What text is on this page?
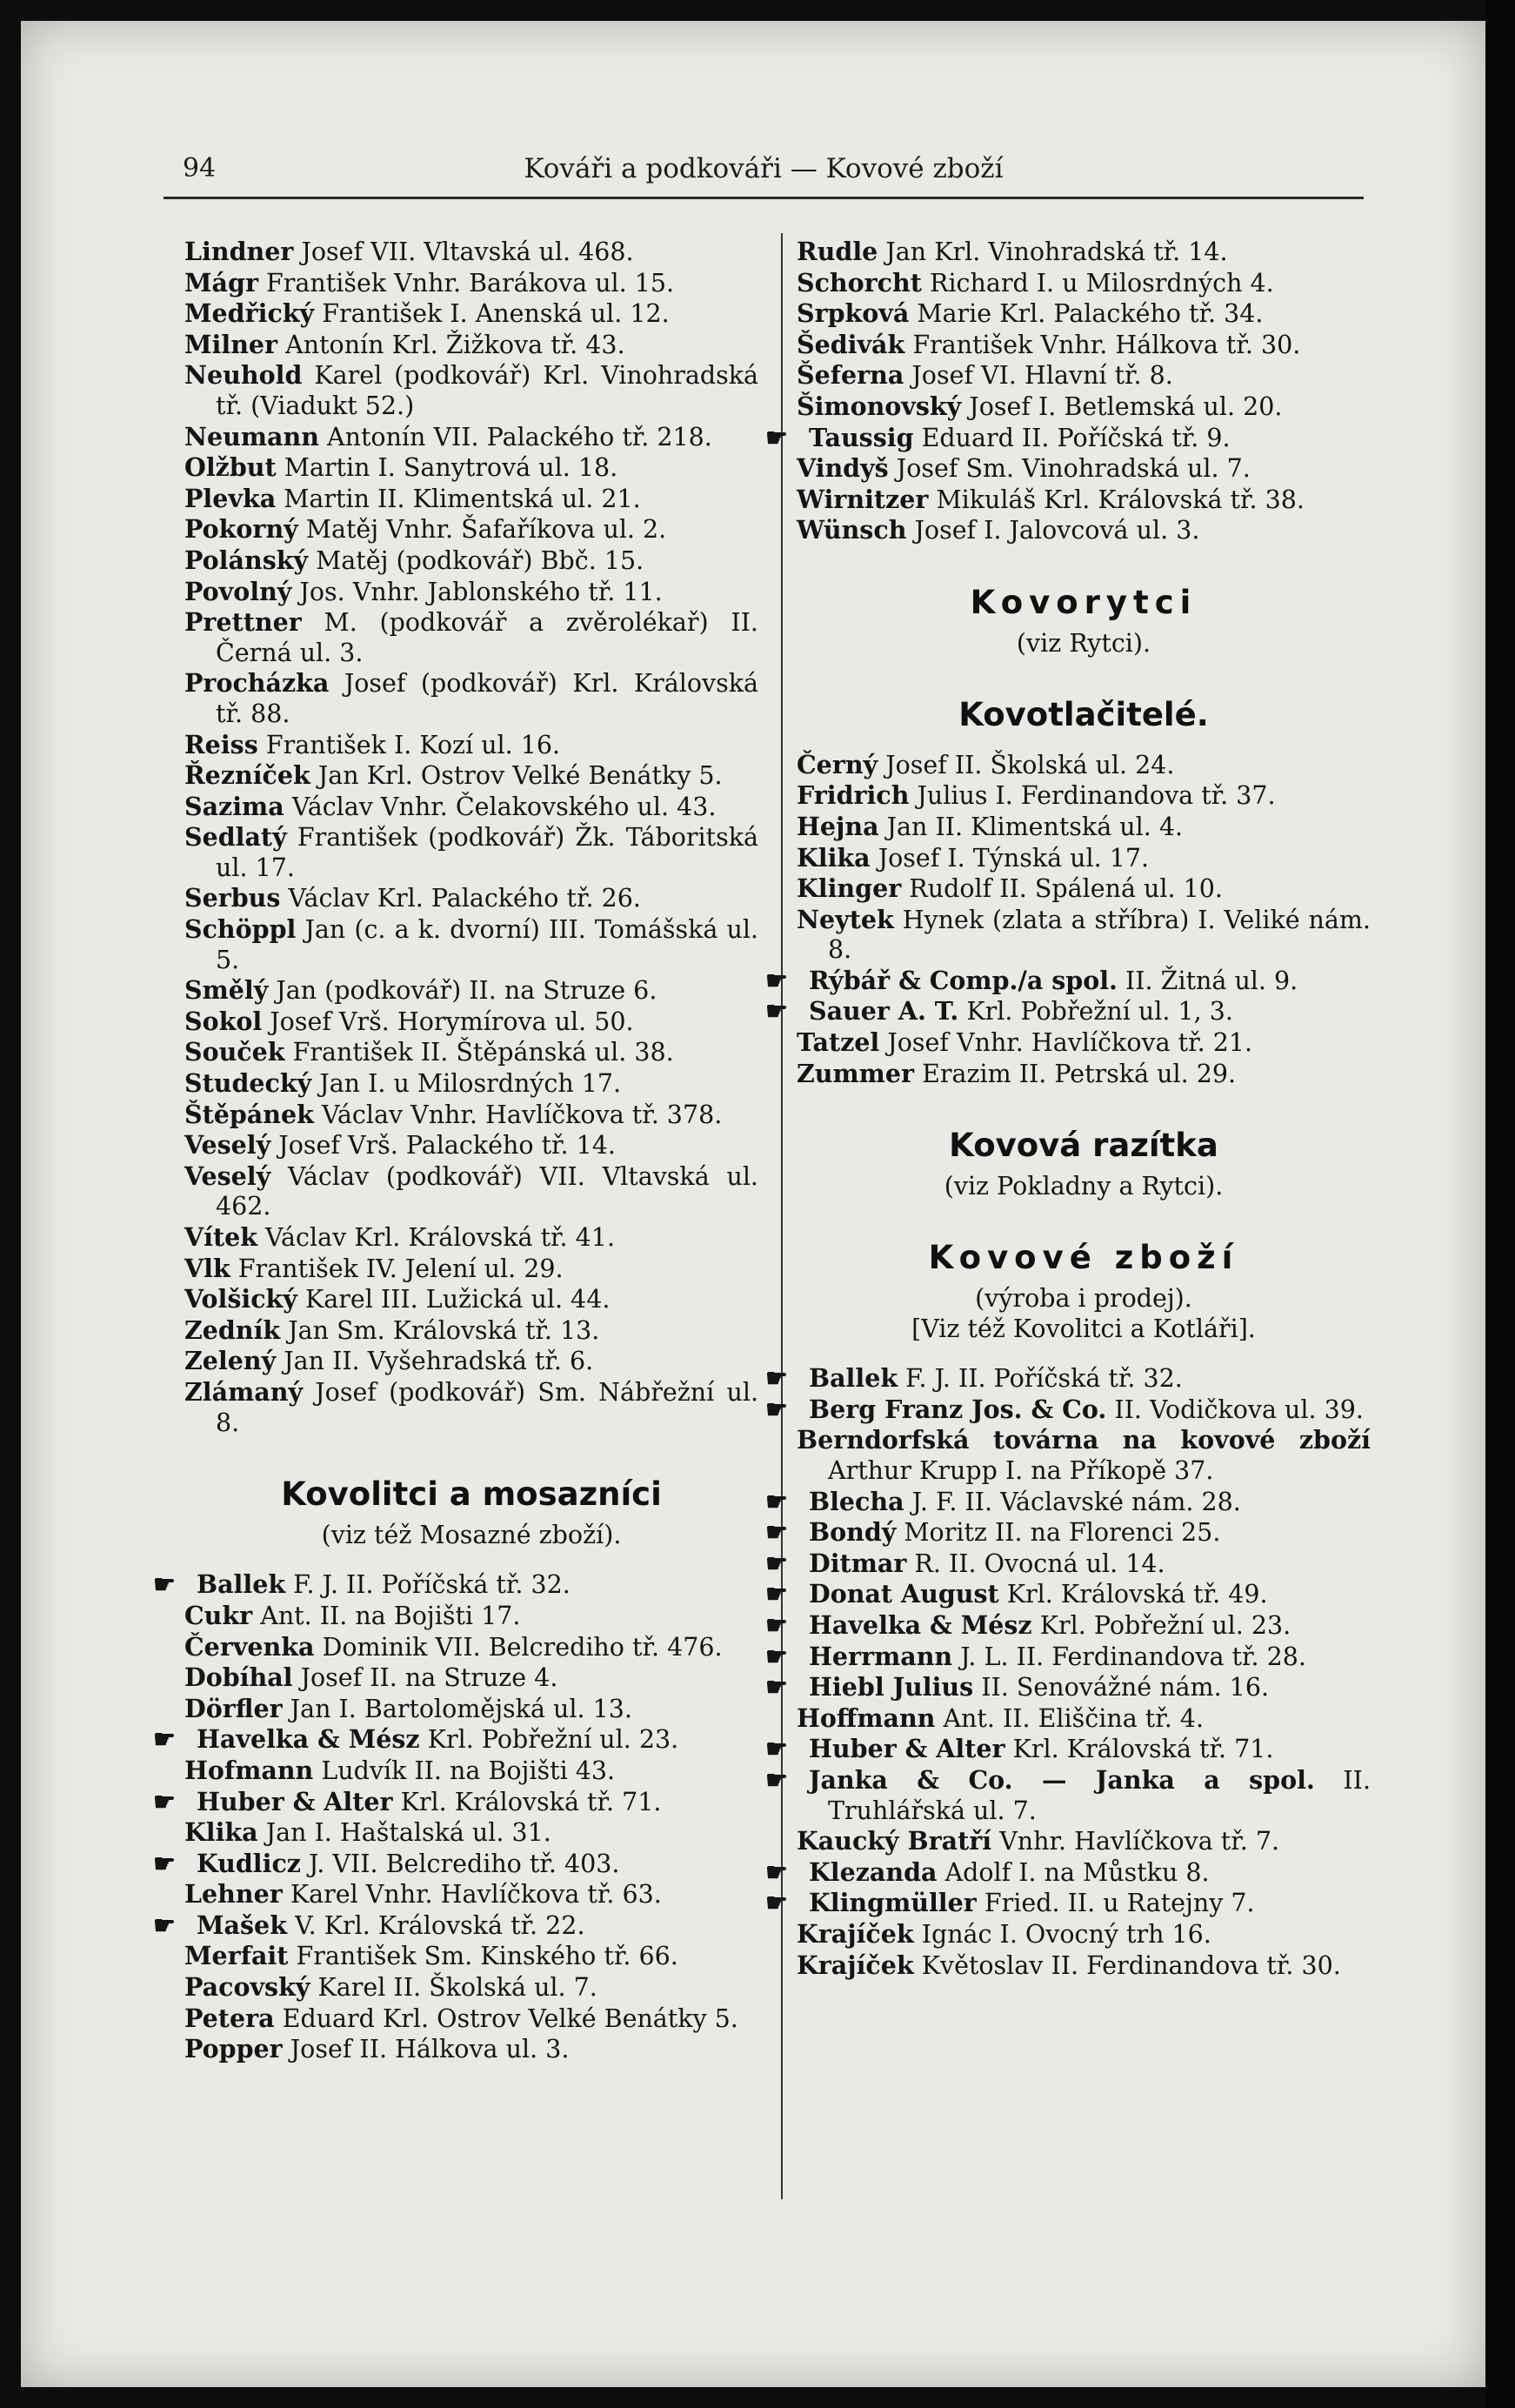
94	Kováři a podkováři — Kovové zboží

Lindner Josef VII. Vltavská ul. 468.

Mágr František Vnhr. Barákova ul. 15.

Medřický František I. Anenská ul. 12.

Milner Antonín Krl. Žižkova tř. 43.

Neuhold Karel (podkovář) Krl. Vinohradská tř. (Viadukt 52.)

Neumann Antonín VII. Palackého tř. 218.

Olžbut Martin I. Sanytrová ul. 18.

Plevka Martin II. Klimentská ul. 21.

Pokorný Matěj Vnhr. Šafaříkova ul. 2.

Polánský Matěj (podkovář) Bbč. 15.

Povolný Jos. Vnhr. Jablonského tř. 11.

Prettner M. (podkovář a zvěrolékař) II. Černá ul. 3.

Procházka Josef (podkovář) Krl. Královská tř. 88.

Reiss František I. Kozí ul. 16.

Řezníček Jan Krl. Ostrov Velké Benátky 5.

Sazima Václav Vnhr. Čelakovského ul. 43.

Sedlatý František (podkovář) Žk. Táboritská ul. 17.

Serbus Václav Krl. Palackého tř. 26.

Schöppl Jan (c. a k. dvorní) III. Tomášská ul. 5.

Smělý Jan (podkovář) II. na Struze 6.

Sokol Josef Vrš. Horymírova ul. 50.

Souček František II. Štěpánská ul. 38.

Studecký Jan I. u Milosrdných 17.

Štěpánek Václav Vnhr. Havlíčkova tř. 378.

Veselý Josef Vrš. Palackého tř. 14.

Veselý Václav (podkovář) VII. Vltavská ul. 462.

Vítek Václav Krl. Královská tř. 41.

Vlk František IV. Jelení ul. 29.

Volšický Karel III. Lužická ul. 44.

Zedník Jan Sm. Královská tř. 13.

Zelený Jan II. Vyšehradská tř. 6.

Zlámaný Josef (podkovář) Sm. Nábřežní ul. 8.

Kovolitci a mosazníci

(viz též Mosazné zboží).

Ballek F. J. II. Poříčská tř. 32.

Cukr Ant. II. na Bojišti 17.

Červenka Dominik VII. Belcrediho tř. 476.

Dobíhal Josef II. na Struze 4.

Dörfler Jan I. Bartolomějská ul. 13.

Havelka & Mész Krl. Pobřežní ul. 23.

Hofmann Ludvík II. na Bojišti 43.

Huber & Alter Krl. Královská tř. 71.

Klika Jan I. Haštalská ul. 31.

Kudlicz J. VII. Belcrediho tř. 403.

Lehner Karel Vnhr. Havlíčkova tř. 63.

Mašek V. Krl. Královská tř. 22.

Merfait František Sm. Kinského tř. 66.

Pacovský Karel II. Školská ul. 7.

Petera Eduard Krl. Ostrov Velké Benátky 5.

Popper Josef II. Hálkova ul. 3.

Rudle Jan Krl. Vinohradská tř. 14.

Schorcht Richard I. u Milosrdných 4.

Srpková Marie Krl. Palackého tř. 34.

Šedivák František Vnhr. Hálkova tř. 30.

Šeferna Josef VI. Hlavní tř. 8.

Šimonovský Josef I. Betlemská ul. 20.

Taussig Eduard II. Poříčská tř. 9.

Vindyš Josef Sm. Vinohradská ul. 7.

Wirnitzer Mikuláš Krl. Královská tř. 38.

Wünsch Josef I. Jalovcová ul. 3.

Kovorytci

(viz Rytci).

Kovotlačitelé.

Černý Josef II. Školská ul. 24.

Fridrich Julius I. Ferdinandova tř. 37.

Hejna Jan II. Klimentská ul. 4.

Klika Josef I. Týnská ul. 17.

Klinger Rudolf II. Spálená ul. 10.

Neytek Hynek (zlata a stříbra) I. Veliké nám. 8.

Rýbář & Comp./a spol. II. Žitná ul. 9.

Sauer A. T. Krl. Pobřežní ul. 1, 3.

Tatzel Josef Vnhr. Havlíčkova tř. 21.

Zummer Erazim II. Petrská ul. 29.

Kovová razítka

(viz Pokladny a Rytci).

Kovové zboží

(výroba i prodej).

[Viz též Kovolitci a Kotláři].

Ballek F. J. II. Poříčská tř. 32.

Berg Franz Jos. & Co. II. Vodičkova ul. 39.

Berndorfská továrna na kovové zboží Arthur Krupp I. na Příkopě 37.

Blecha J. F. II. Václavské nám. 28.

Bondý Moritz II. na Florenci 25.

Ditmar R. II. Ovocná ul. 14.

Donat August Krl. Královská tř. 49.

Havelka & Mész Krl. Pobřežní ul. 23.

Herrmann J. L. II. Ferdinandova tř. 28.

Hiebl Julius II. Senovážné nám. 16.

Hoffmann Ant. II. Eliščina tř. 4.

Huber & Alter Krl. Královská tř. 71.

Janka & Co. — Janka a spol. II. Truhlářská ul. 7.

Kaucký Bratří Vnhr. Havlíčkova tř. 7.

Klezanda Adolf I. na Můstku 8.

Klingmüller Fried. II. u Ratejny 7.

Krajíček Ignác I. Ovocný trh 16.

Krajíček Květoslav II. Ferdinandova tř. 30.
